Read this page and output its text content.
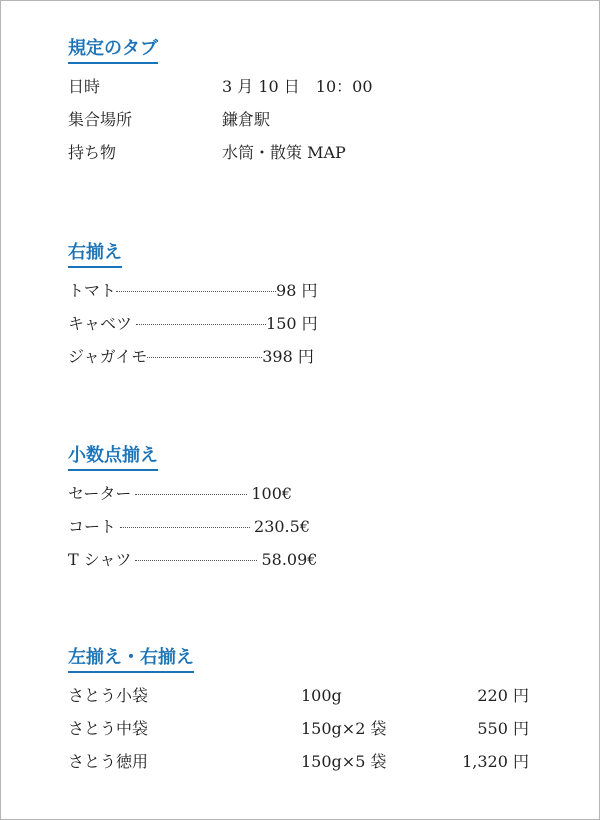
規定のタブ
日時	3 月 10 日　10：00
集合場所	鎌倉駅
持ち物	水筒・散策 MAP
右揃え
トマト	98 円
キャベツ	150 円
ジャガイモ	398 円
小数点揃え
セーター	100€
コート	230.5€
T シャツ	58.09€
左揃え・右揃え
さとう小袋	100g	220 円
さとう中袋	150g×2 袋	550 円
さとう徳用	150g×5 袋	1,320 円
